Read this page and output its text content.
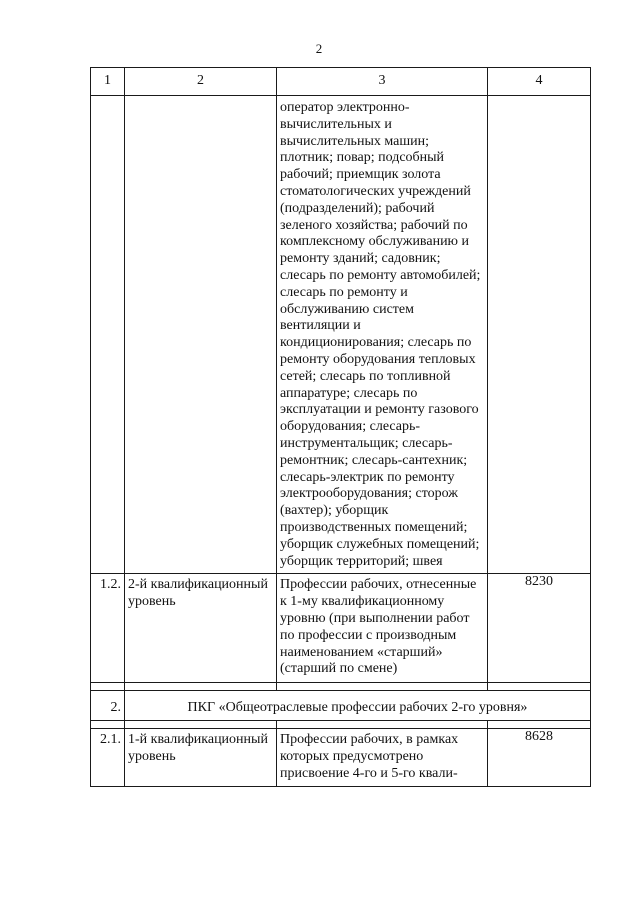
2
1	2	3	4

		оператор электронно-вычислительных и вычислительных машин; плотник; повар; подсобный рабочий; приемщик золота стоматологических учреждений (подразделений); рабочий зеленого хозяйства; рабочий по комплексному обслуживанию и ремонту зданий; садовник; слесарь по ремонту автомобилей; слесарь по ремонту и обслуживанию систем вентиляции и кондиционирования; слесарь по ремонту оборудования тепловых сетей; слесарь по топливной аппаратуре; слесарь по эксплуатации и ремонту газового оборудования; слесарь-инструментальщик; слесарь-ремонтник; слесарь-сантехник; слесарь-электрик по ремонту электрооборудования; сторож (вахтер); уборщик производственных помещений; уборщик служебных помещений; уборщик территорий; швея	

1.2.	2-й квалификационный уровень	Профессии рабочих, отнесенные к 1-му квалификационному уровню (при выполнении работ по профессии с производным наименованием «старший» (старший по смене)	8230

2.	ПКГ «Общеотраслевые профессии рабочих 2-го уровня»		

2.1.	1-й квалификационный уровень	Профессии рабочих, в рамках которых предусмотрено присвоение 4-го и 5-го квали-	8628
